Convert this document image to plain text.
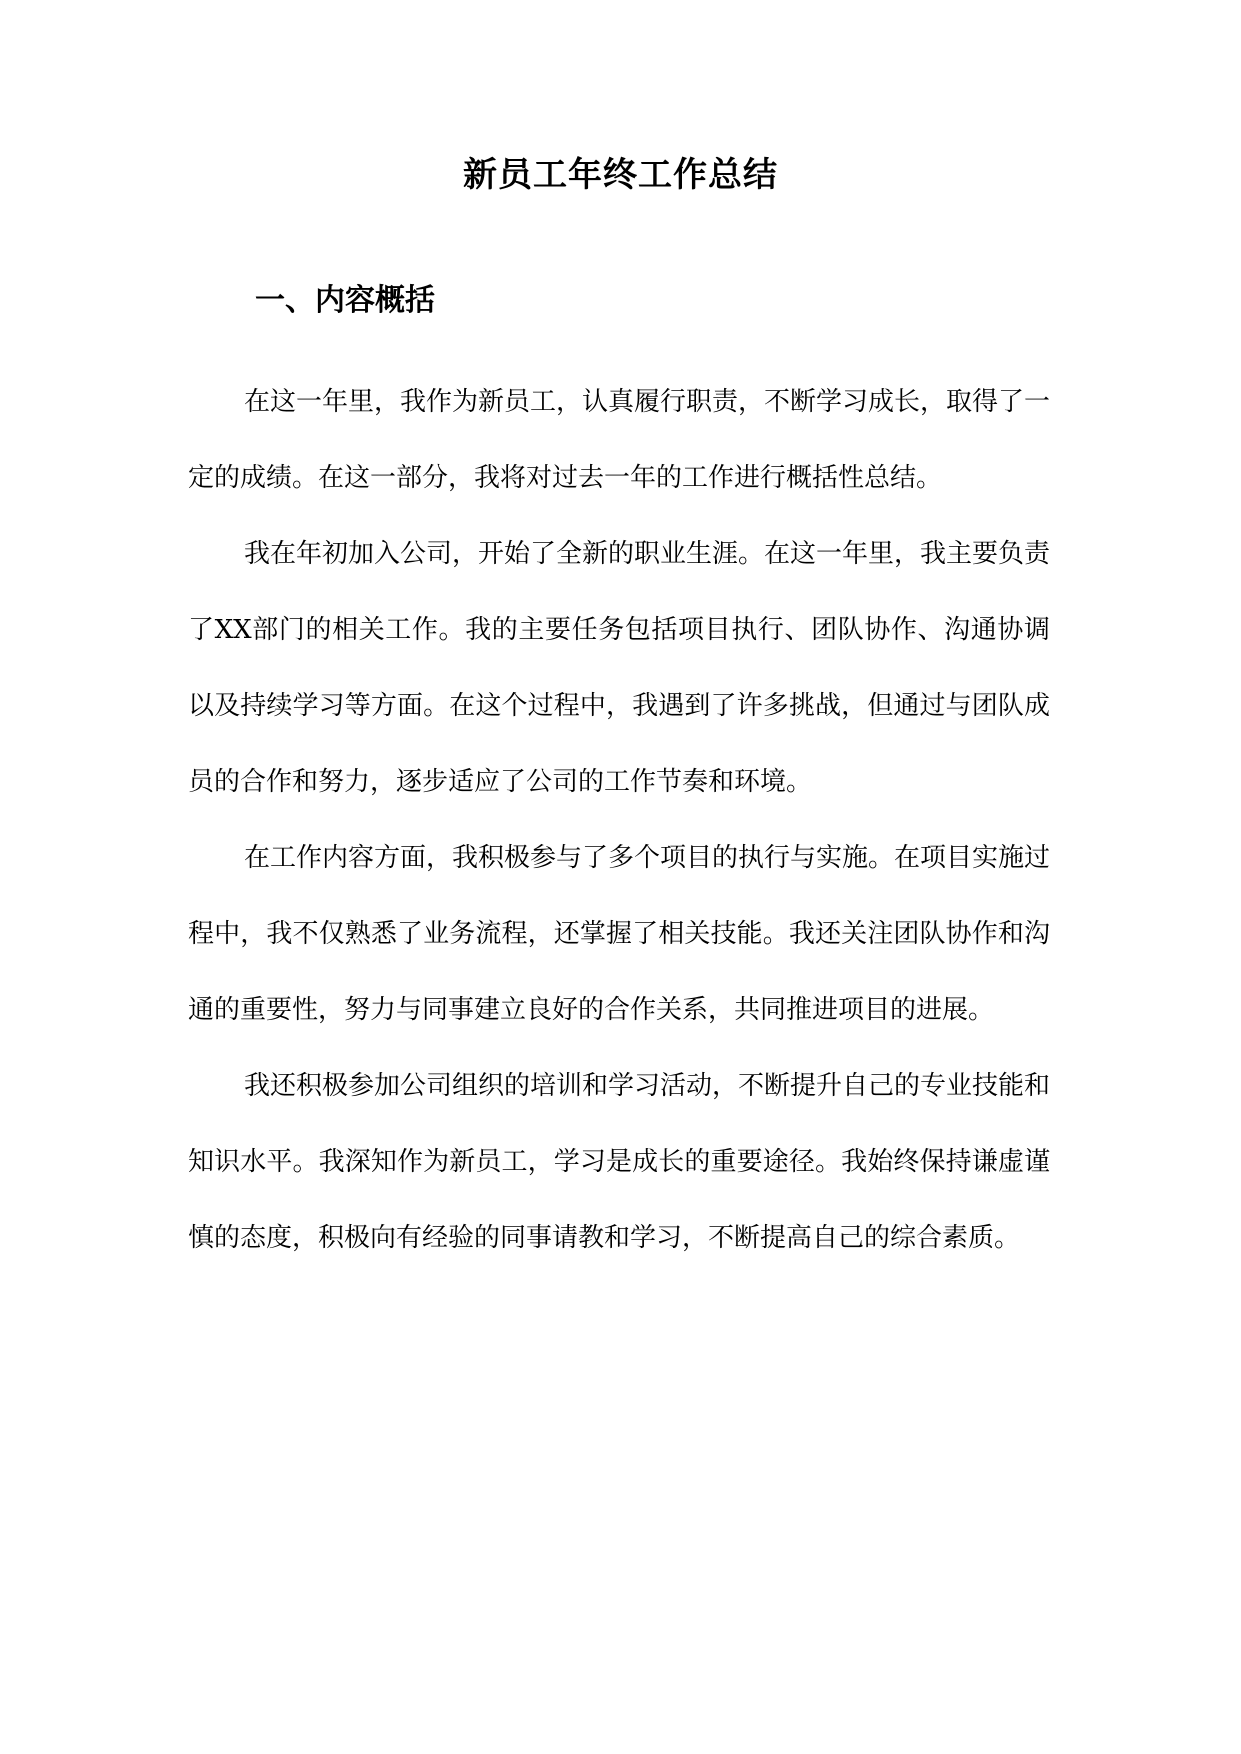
新员工年终工作总结
一、内容概括

在这一年里，我作为新员工，认真履行职责，不断学习成长，取得了一定的成绩。在这一部分，我将对过去一年的工作进行概括性总结。

我在年初加入公司，开始了全新的职业生涯。在这一年里，我主要负责了XX部门的相关工作。我的主要任务包括项目执行、团队协作、沟通协调以及持续学习等方面。在这个过程中，我遇到了许多挑战，但通过与团队成员的合作和努力，逐步适应了公司的工作节奏和环境。

在工作内容方面，我积极参与了多个项目的执行与实施。在项目实施过程中，我不仅熟悉了业务流程，还掌握了相关技能。我还关注团队协作和沟通的重要性，努力与同事建立良好的合作关系，共同推进项目的进展。

我还积极参加公司组织的培训和学习活动，不断提升自己的专业技能和知识水平。我深知作为新员工，学习是成长的重要途径。我始终保持谦虚谨慎的态度，积极向有经验的同事请教和学习，不断提高自己的综合素质。
